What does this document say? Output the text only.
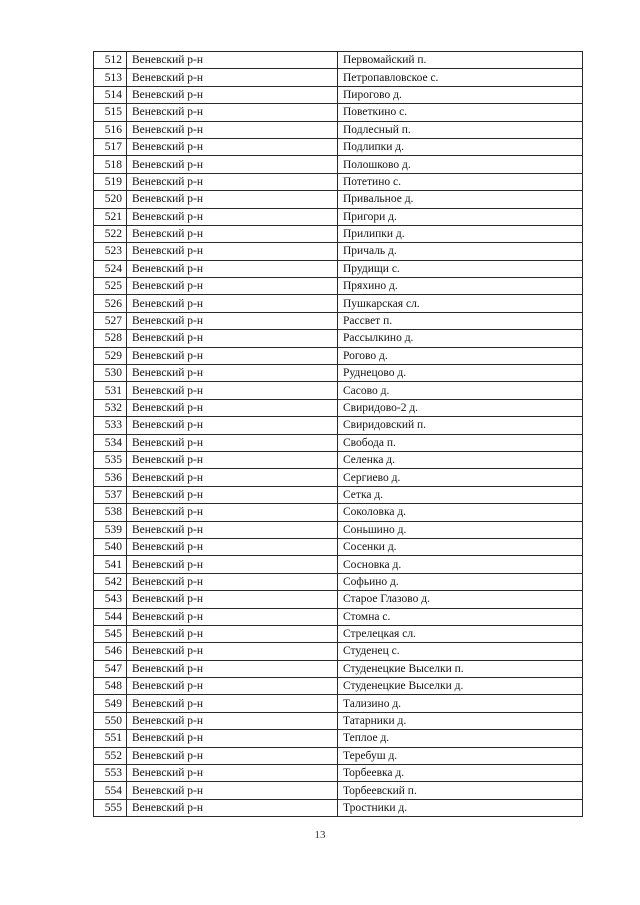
512	Веневский р-н	Первомайский п.
513	Веневский р-н	Петропавловское с.
514	Веневский р-н	Пирогово д.
515	Веневский р-н	Поветкино с.
516	Веневский р-н	Подлесный п.
517	Веневский р-н	Подлипки д.
518	Веневский р-н	Полошково д.
519	Веневский р-н	Потетино с.
520	Веневский р-н	Привальное д.
521	Веневский р-н	Пригори д.
522	Веневский р-н	Прилипки д.
523	Веневский р-н	Причаль д.
524	Веневский р-н	Прудищи с.
525	Веневский р-н	Пряхино д.
526	Веневский р-н	Пушкарская сл.
527	Веневский р-н	Рассвет п.
528	Веневский р-н	Рассылкино д.
529	Веневский р-н	Рогово д.
530	Веневский р-н	Руднецово д.
531	Веневский р-н	Сасово д.
532	Веневский р-н	Свиридово-2 д.
533	Веневский р-н	Свиридовский п.
534	Веневский р-н	Свобода п.
535	Веневский р-н	Селенка д.
536	Веневский р-н	Сергиево д.
537	Веневский р-н	Сетка д.
538	Веневский р-н	Соколовка д.
539	Веневский р-н	Соньшино д.
540	Веневский р-н	Сосенки д.
541	Веневский р-н	Сосновка д.
542	Веневский р-н	Софьино д.
543	Веневский р-н	Старое Глазово д.
544	Веневский р-н	Стомна с.
545	Веневский р-н	Стрелецкая сл.
546	Веневский р-н	Студенец с.
547	Веневский р-н	Студенецкие Выселки п.
548	Веневский р-н	Студенецкие Выселки д.
549	Веневский р-н	Тализино д.
550	Веневский р-н	Татарники д.
551	Веневский р-н	Теплое д.
552	Веневский р-н	Теребуш д.
553	Веневский р-н	Торбеевка д.
554	Веневский р-н	Торбеевский п.
555	Веневский р-н	Тростники д.
13
